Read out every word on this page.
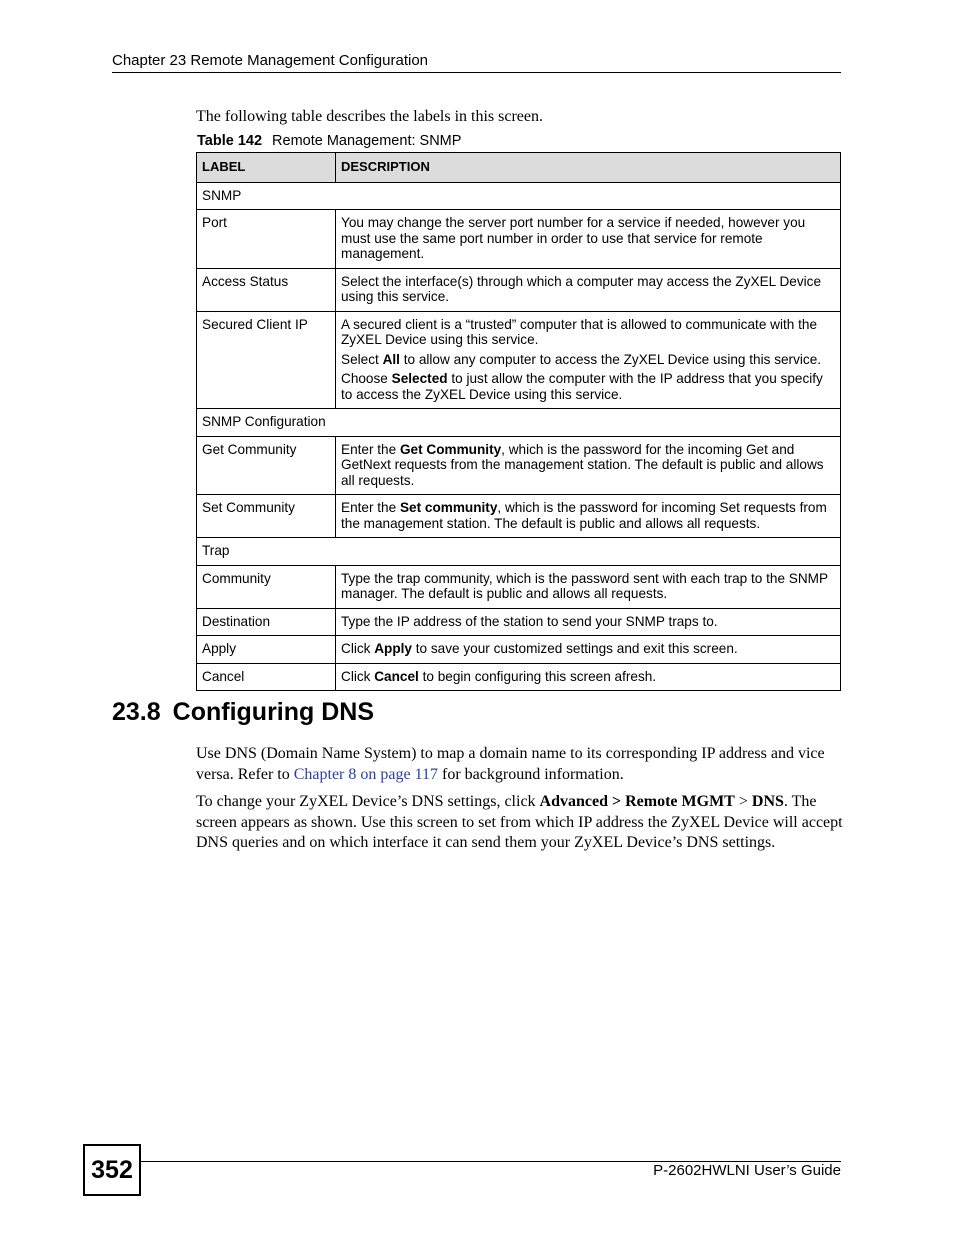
Chapter 23 Remote Management Configuration
The following table describes the labels in this screen.
Table 142 Remote Management: SNMP
LABEL	DESCRIPTION
SNMP	
Port	You may change the server port number for a service if needed, however you must use the same port number in order to use that service for remote management.

Access Status	Select the interface(s) through which a computer may access the ZyXEL Device using this service.

Secured Client IP	A secured client is a “trusted” computer that is allowed to communicate with the ZyXEL Device using this service.
Select All to allow any computer to access the ZyXEL Device using this service.
Choose Selected to just allow the computer with the IP address that you specify to access the ZyXEL Device using this service.

SNMP Configuration	
Get Community	Enter the Get Community, which is the password for the incoming Get and GetNext requests from the management station. The default is public and allows all requests.

Set Community	Enter the Set community, which is the password for incoming Set requests from the management station. The default is public and allows all requests.

Trap	
Community	Type the trap community, which is the password sent with each trap to the SNMP manager. The default is public and allows all requests.

Destination	Type the IP address of the station to send your SNMP traps to.

Apply	Click Apply to save your customized settings and exit this screen.

Cancel	Click Cancel to begin configuring this screen afresh.
23.8 Configuring DNS
Use DNS (Domain Name System) to map a domain name to its corresponding IP address and vice versa. Refer to Chapter 8 on page 117 for background information.
To change your ZyXEL Device’s DNS settings, click Advanced > Remote MGMT > DNS. The screen appears as shown. Use this screen to set from which IP address the ZyXEL Device will accept DNS queries and on which interface it can send them your ZyXEL Device’s DNS settings.
352	P-2602HWLNI User’s Guide
